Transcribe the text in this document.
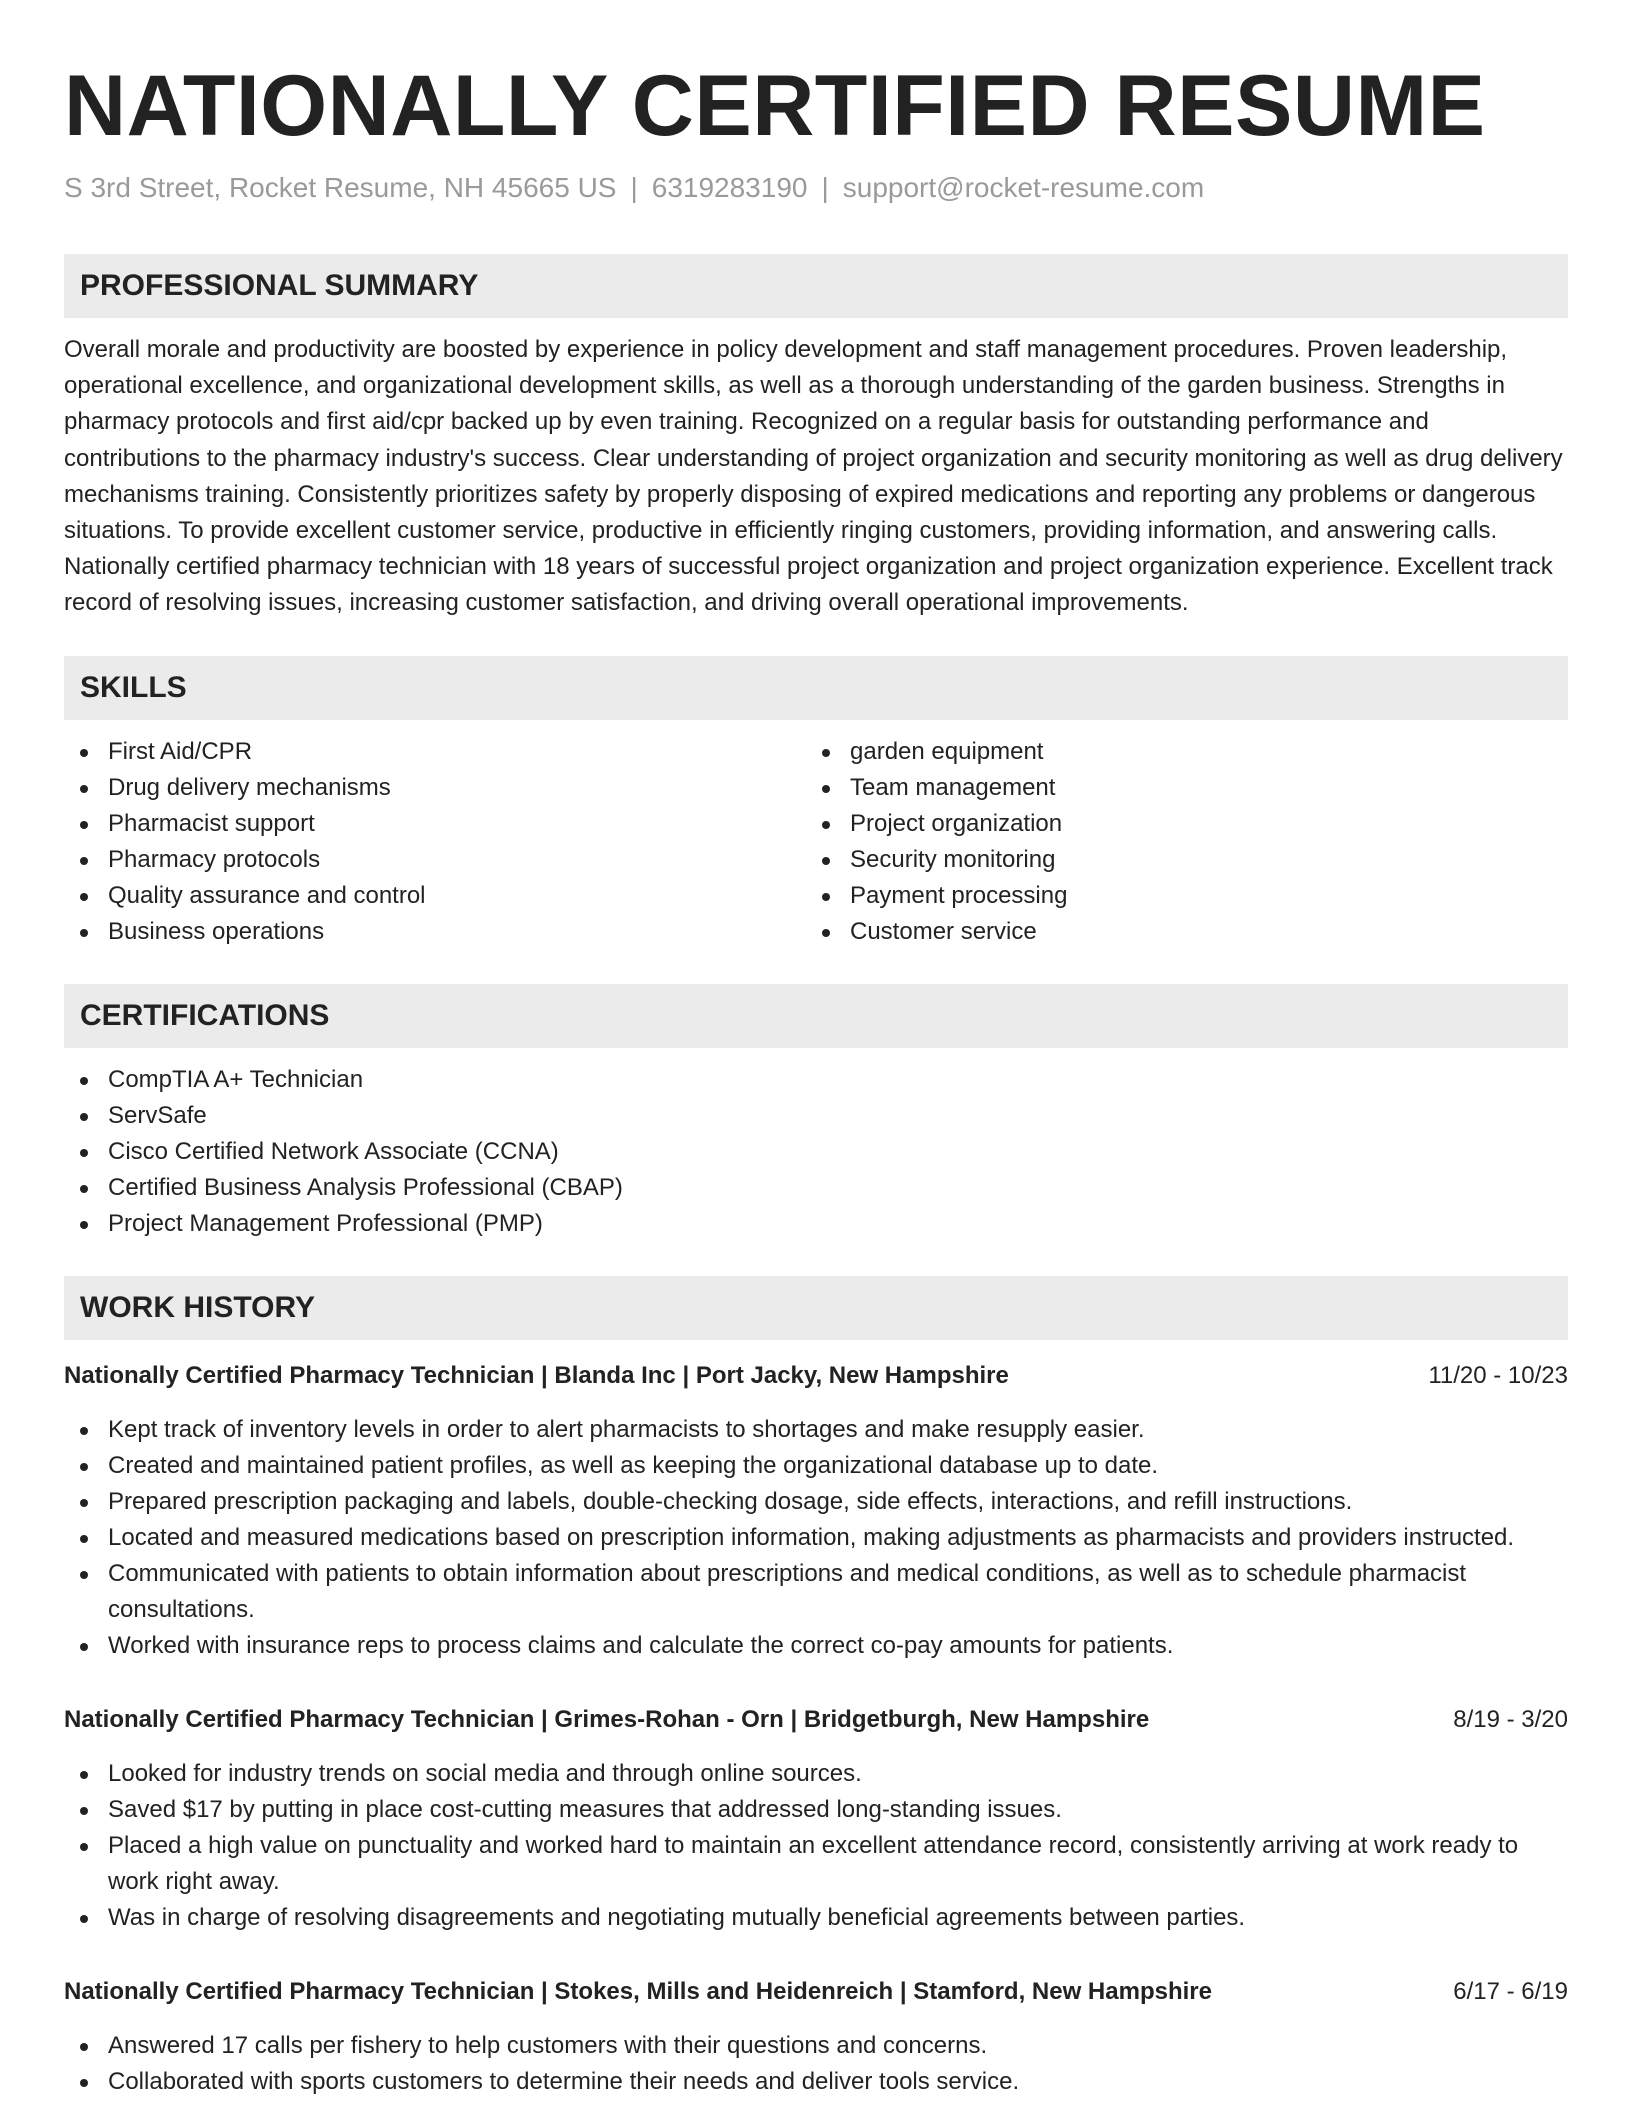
NATIONALLY CERTIFIED RESUME
S 3rd Street, Rocket Resume, NH 45665 US | 6319283190 | support@rocket-resume.com
PROFESSIONAL SUMMARY

Overall morale and productivity are boosted by experience in policy development and staff management procedures. Proven leadership, operational excellence, and organizational development skills, as well as a thorough understanding of the garden business. Strengths in pharmacy protocols and first aid/cpr backed up by even training. Recognized on a regular basis for outstanding performance and contributions to the pharmacy industry's success. Clear understanding of project organization and security monitoring as well as drug delivery mechanisms training. Consistently prioritizes safety by properly disposing of expired medications and reporting any problems or dangerous situations. To provide excellent customer service, productive in efficiently ringing customers, providing information, and answering calls. Nationally certified pharmacy technician with 18 years of successful project organization and project organization experience. Excellent track record of resolving issues, increasing customer satisfaction, and driving overall operational improvements.

SKILLS
First Aid/CPR
Drug delivery mechanisms
Pharmacist support
Pharmacy protocols
Quality assurance and control
Business operations
garden equipment
Team management
Project organization
Security monitoring
Payment processing
Customer service
CERTIFICATIONS
CompTIA A+ Technician
ServSafe
Cisco Certified Network Associate (CCNA)
Certified Business Analysis Professional (CBAP)
Project Management Professional (PMP)
WORK HISTORY
Nationally Certified Pharmacy Technician | Blanda Inc | Port Jacky, New Hampshire	11/20 - 10/23
Kept track of inventory levels in order to alert pharmacists to shortages and make resupply easier.
Created and maintained patient profiles, as well as keeping the organizational database up to date.
Prepared prescription packaging and labels, double-checking dosage, side effects, interactions, and refill instructions.
Located and measured medications based on prescription information, making adjustments as pharmacists and providers instructed.
Communicated with patients to obtain information about prescriptions and medical conditions, as well as to schedule pharmacist consultations.
Worked with insurance reps to process claims and calculate the correct co-pay amounts for patients.
Nationally Certified Pharmacy Technician | Grimes-Rohan - Orn | Bridgetburgh, New Hampshire	8/19 - 3/20
Looked for industry trends on social media and through online sources.
Saved $17 by putting in place cost-cutting measures that addressed long-standing issues.
Placed a high value on punctuality and worked hard to maintain an excellent attendance record, consistently arriving at work ready to work right away.
Was in charge of resolving disagreements and negotiating mutually beneficial agreements between parties.
Nationally Certified Pharmacy Technician | Stokes, Mills and Heidenreich | Stamford, New Hampshire	6/17 - 6/19
Answered 17 calls per fishery to help customers with their questions and concerns.
Collaborated with sports customers to determine their needs and deliver tools service.
